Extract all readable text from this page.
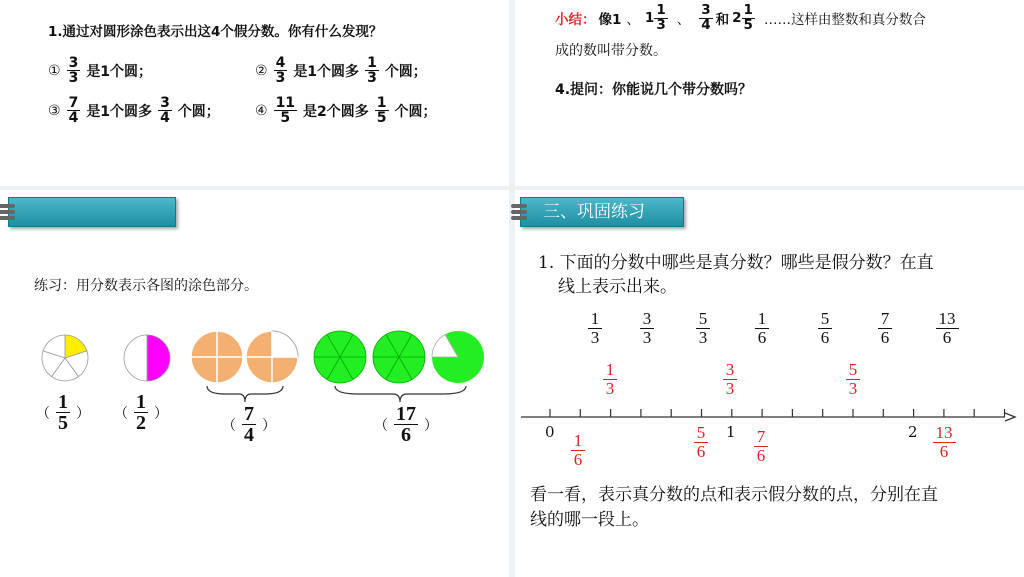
1.通过对圆形涂色表示出这4个假分数。你有什么发现？
① $\frac{3}{3}$ 是1个圆；	② $\frac{4}{3}$ 是1个圆多 $\frac{1}{3}$ 个圆；
③ $\frac{7}{4}$ 是1个圆多 $\frac{3}{4}$ 个圆；	④ $\frac{11}{5}$ 是2个圆多 $\frac{1}{5}$ 个圆；
小结： 像1 、 $1 \frac{1}{3}$ 、 $\frac{3}{4}$ 和 $2 \frac{1}{5}$ ……这样由整数和真分数合
成的数叫带分数。
4.提问：你能说几个带分数吗？
练习：用分数表示各图的涂色部分。
（ $\frac{1}{5}$ ） （ $\frac{1}{2}$ ）
（ $\frac{7}{4}$ ）	（ $\frac{17}{6}$ ）
三、巩固练习
1. 下面的分数中哪些是真分数？哪些是假分数？在直
线上表示出来。
1
3
3
3
5
3
1
6
5
6
7
6
13
6
0	1	2
1
3
3
3
5
3
1
6
5
6
7
6
13
6
看一看，表示真分数的点和表示假分数的点，分别在直
线的哪一段上。
